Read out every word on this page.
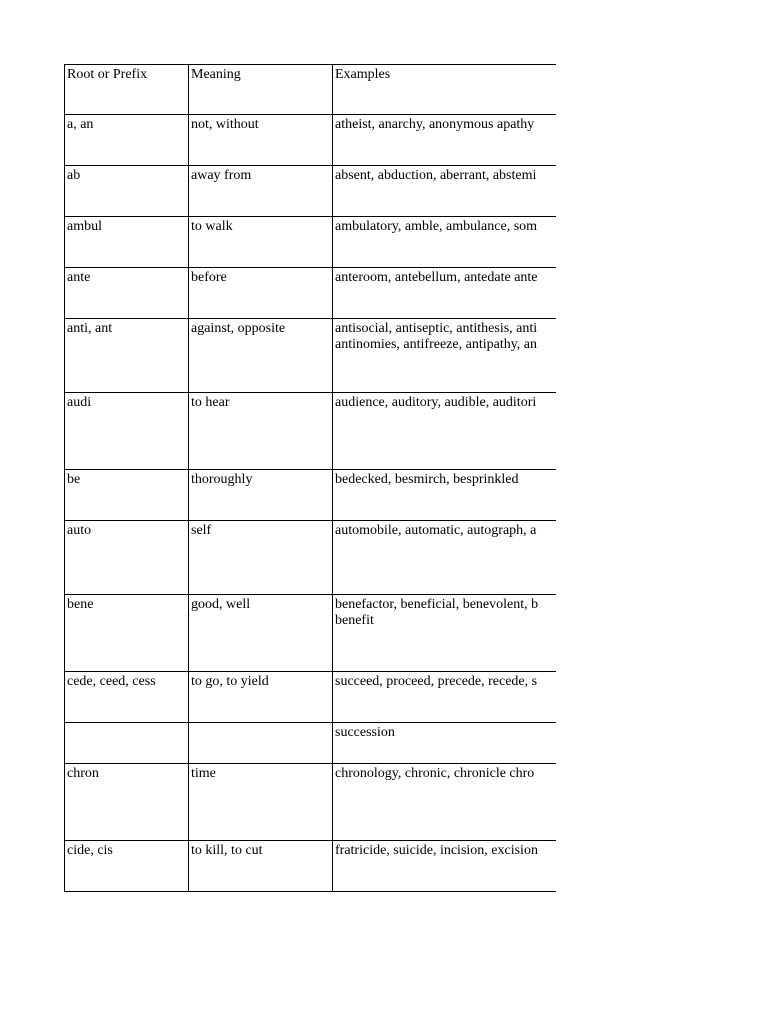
Root or Prefix	Meaning	Examples

a, an	not, without	atheist, anarchy, anonymous apathy

ab	away from	absent, abduction, aberrant, abstemi

ambul	to walk	ambulatory, amble, ambulance, som

ante	before	anteroom, antebellum, antedate ante

anti, ant	against, opposite	antisocial, antiseptic, antithesis, anti
antinomies, antifreeze, antipathy, an

audi	to hear	audience, auditory, audible, auditori

be	thoroughly	bedecked, besmirch, besprinkled

auto	self	automobile, automatic, autograph, a

bene	good, well	benefactor, beneficial, benevolent, b
benefit

cede, ceed, cess	to go, to yield	succeed, proceed, precede, recede, s

		succession

chron	time	chronology, chronic, chronicle chro

cide, cis	to kill, to cut	fratricide, suicide, incision, excision
